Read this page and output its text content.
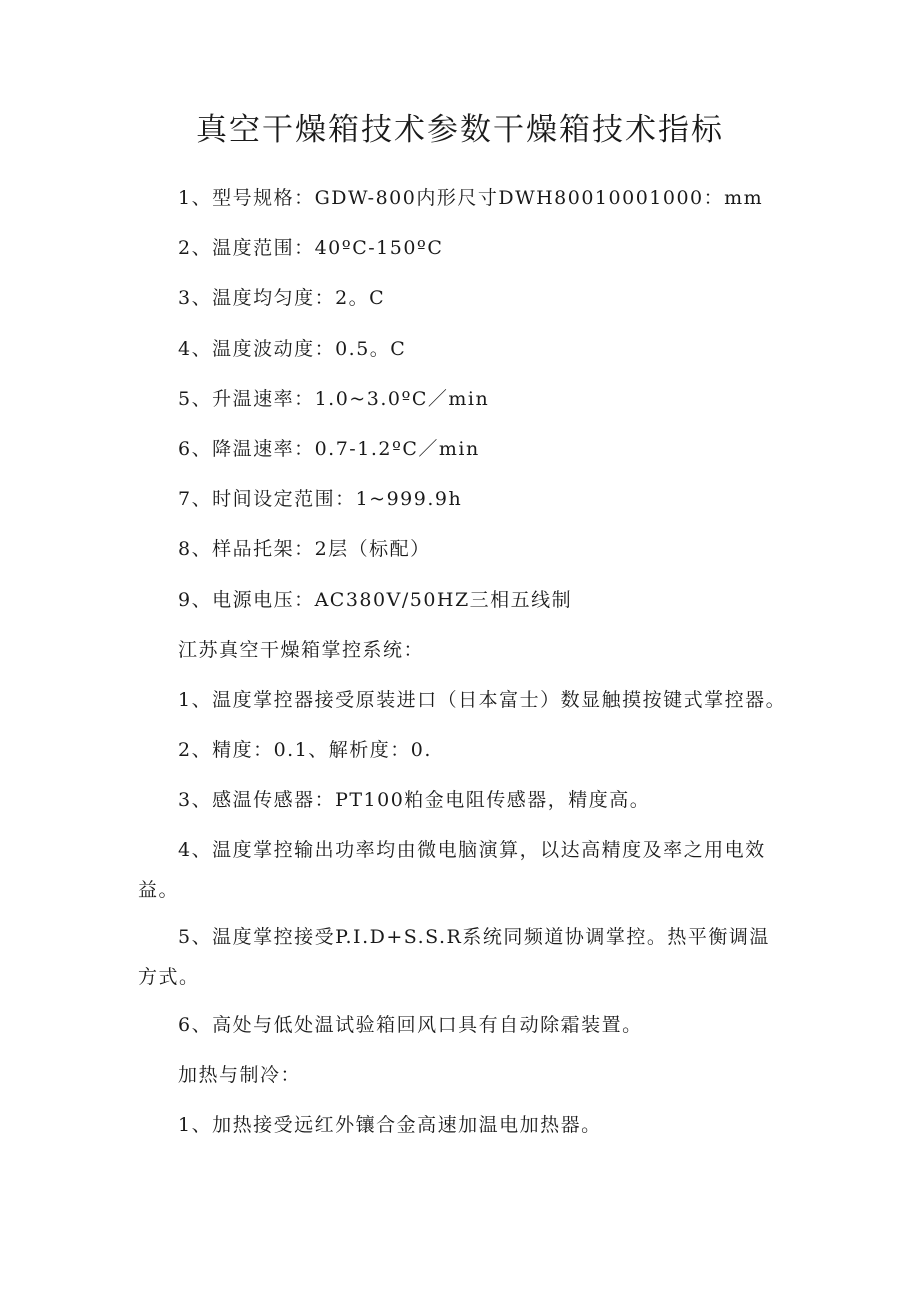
真空干燥箱技术参数干燥箱技术指标

1、型号规格：GDW-800内形尺寸DWH80010001000：mm

2、温度范围：40ºC-150ºC

3、温度均匀度：2。C

4、温度波动度：0.5。C

5、升温速率：1.0~3.0ºC／min

6、降温速率：0.7-1.2ºC／min

7、时间设定范围：1~999.9h

8、样品托架：2层（标配）

9、电源电压：AC380V/50HZ三相五线制

江苏真空干燥箱掌控系统：

1、温度掌控器接受原装进口（日本富士）数显触摸按键式掌控器。

2、精度：0.1、解析度：0.

3、感温传感器：PT100粕金电阻传感器，精度高。

4、温度掌控输出功率均由微电脑演算，以达高精度及率之用电效益。

5、温度掌控接受P.I.D+S.S.R系统同频道协调掌控。热平衡调温方式。

6、高处与低处温试验箱回风口具有自动除霜装置。

加热与制冷：

1、加热接受远红外镶合金高速加温电加热器。
